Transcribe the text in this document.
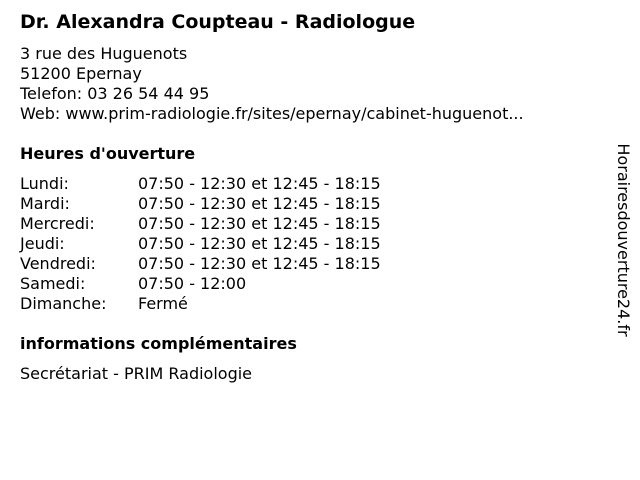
Dr. Alexandra Coupteau - Radiologue
3 rue des Huguenots
51200 Epernay
Telefon: 03 26 54 44 95
Web: www.prim-radiologie.fr/sites/epernay/cabinet-huguenot...
Heures d'ouverture
Lundi:	07:50 - 12:30 et 12:45 - 18:15
Mardi:	07:50 - 12:30 et 12:45 - 18:15
Mercredi:	07:50 - 12:30 et 12:45 - 18:15
Jeudi:	07:50 - 12:30 et 12:45 - 18:15
Vendredi:	07:50 - 12:30 et 12:45 - 18:15
Samedi:	07:50 - 12:00
Dimanche:	Fermé
informations complémentaires
Secrétariat - PRIM Radiologie
Horairesdouverture24.fr
